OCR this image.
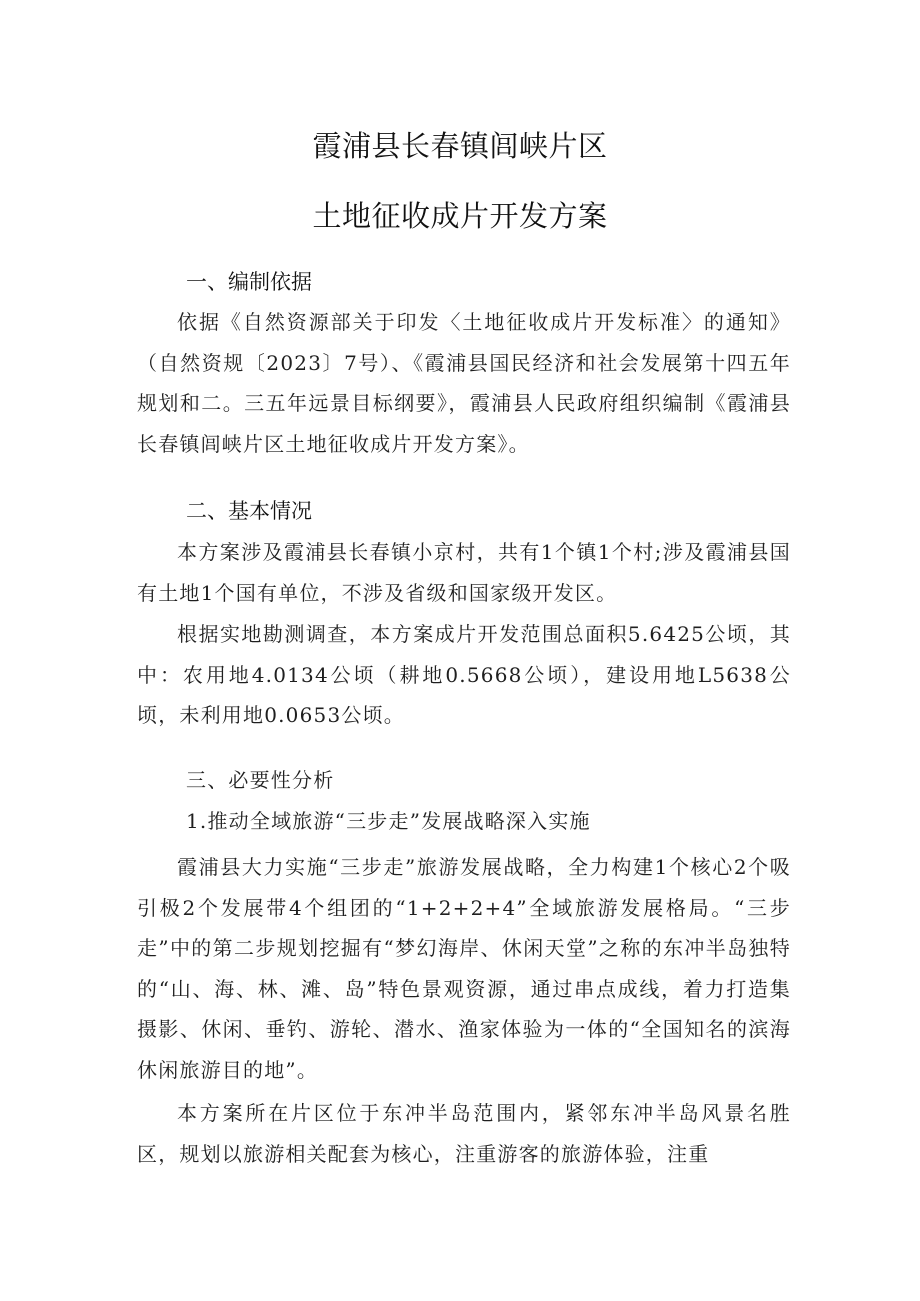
霞浦县长春镇闾峡片区
土地征收成片开发方案
一、编制依据

依据《自然资源部关于印发〈土地征收成片开发标准〉的通知》（自然资规〔2023〕7号）、《霞浦县国民经济和社会发展第十四五年规划和二。三五年远景目标纲要》，霞浦县人民政府组织编制《霞浦县长春镇闾峡片区土地征收成片开发方案》。

二、基本情况

本方案涉及霞浦县长春镇小京村，共有1个镇1个村;涉及霞浦县国有土地1个国有单位，不涉及省级和国家级开发区。

根据实地勘测调查，本方案成片开发范围总面积5.6425公顷，其中：农用地4.0134公顷（耕地0.5668公顷），建设用地L5638公顷，未利用地0.0653公顷。

三、必要性分析
1.推动全域旅游“三步走”发展战略深入实施

霞浦县大力实施“三步走”旅游发展战略，全力构建1个核心2个吸引极2个发展带4个组团的“1+2+2+4”全域旅游发展格局。“三步走”中的第二步规划挖掘有“梦幻海岸、休闲天堂”之称的东冲半岛独特的“山、海、林、滩、岛”特色景观资源，通过串点成线，着力打造集摄影、休闲、垂钓、游轮、潜水、渔家体验为一体的“全国知名的滨海休闲旅游目的地”。

本方案所在片区位于东冲半岛范围内，紧邻东冲半岛风景名胜区，规划以旅游相关配套为核心，注重游客的旅游体验，注重
